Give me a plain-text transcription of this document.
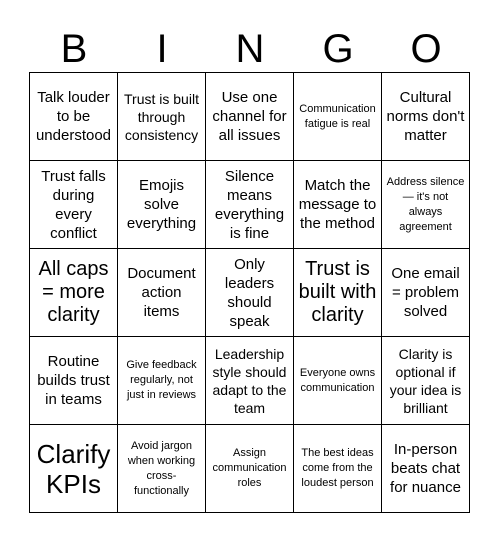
B	I	N	G	O
Talk louder to be understood
Trust is built through consistency
Use one channel for all issues
Communication fatigue is real
Cultural norms don't matter
Trust falls during every conflict
Emojis solve everything
Silence means everything is fine
Match the message to the method
Address silence — it's not always agreement
All caps = more clarity
Document action items
Only leaders should speak
Trust is built with clarity
One email = problem solved
Routine builds trust in teams
Give feedback regularly, not just in reviews
Leadership style should adapt to the team
Everyone owns communication
Clarity is optional if your idea is brilliant
Clarify KPIs
Avoid jargon when working cross-functionally
Assign communication roles
The best ideas come from the loudest person
In-person beats chat for nuance
